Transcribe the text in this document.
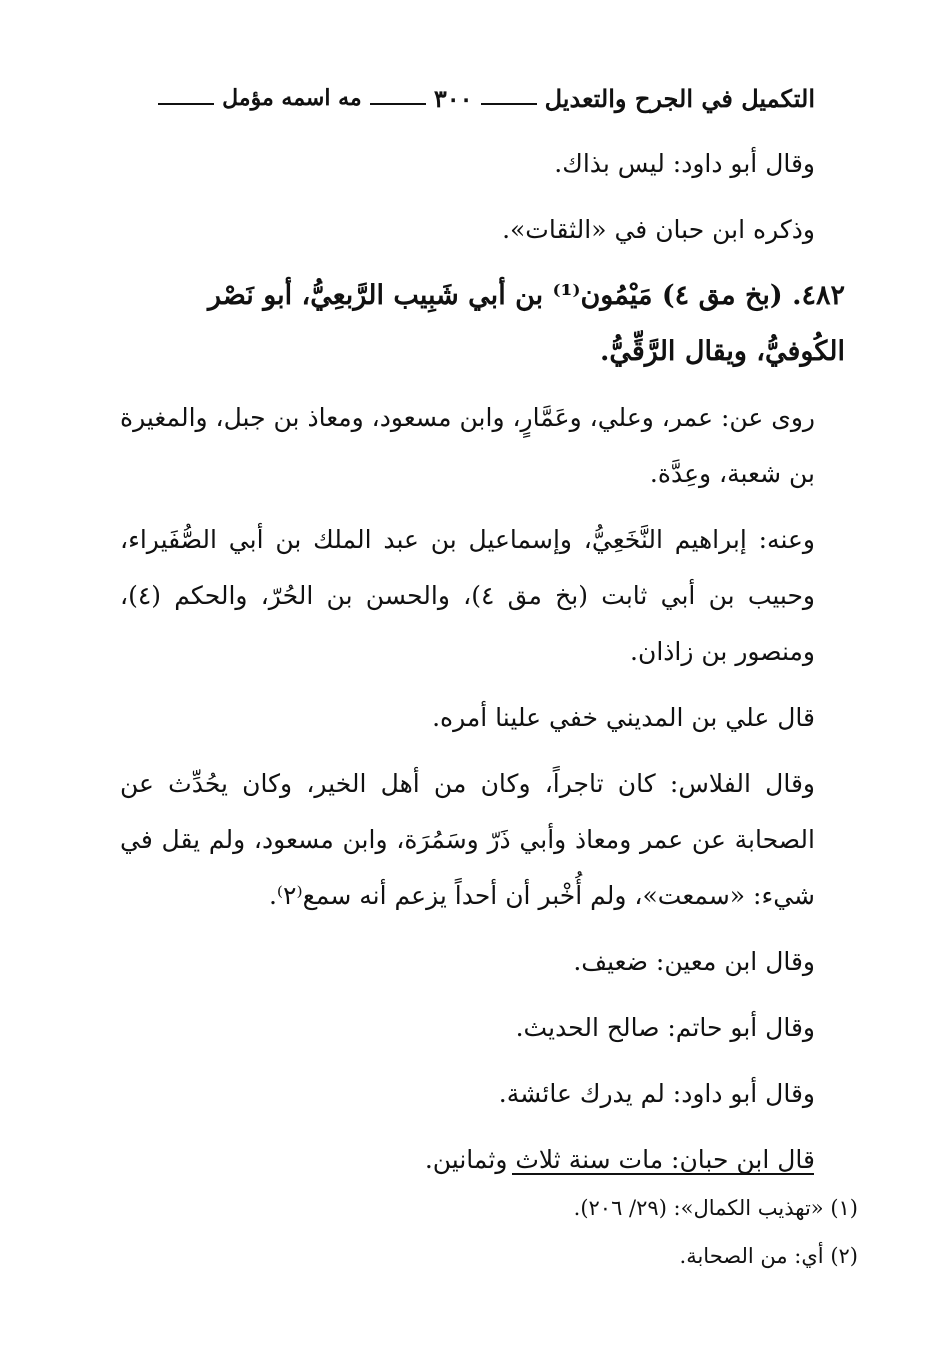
التكميل في الجرح والتعديل
٣٠٠
مه اسمه مؤمل

وقال أبو داود: ليس بذاك.

وذكره ابن حبان في «الثقات».

٤٨٢. (بخ مق ٤) مَيْمُون⁽¹⁾ بن أبي شَبِيب الرَّبعِيُّ، أبو نَصْر الكُوفيُّ، ويقال الرَّقِّيُّ.

روى عن: عمر، وعلي، وعَمَّارٍ، وابن مسعود، ومعاذ بن جبل، والمغيرة بن شعبة، وعِدَّة.

وعنه: إبراهيم النَّخَعِيُّ، وإسماعيل بن عبد الملك بن أبي الصُّفَيراء، وحبيب بن أبي ثابت (بخ مق ٤)، والحسن بن الحُرّ، والحكم (٤)، ومنصور بن زاذان.

قال علي بن المديني خفي علينا أمره.

وقال الفلاس: كان تاجراً، وكان من أهل الخير، وكان يحُدِّث عن الصحابة عن عمر ومعاذ وأبي ذَرّ وسَمُرَة، وابن مسعود، ولم يقل في شيء: «سمعت»، ولم أُخْبر أن أحداً يزعم أنه سمع⁽٢⁾.

وقال ابن معين: ضعيف.

وقال أبو حاتم: صالح الحديث.

وقال أبو داود: لم يدرك عائشة.

قال ابن حبان: مات سنة ثلاث وثمانين.

(١) «تهذيب الكمال»: (٢٩/ ٢٠٦).
(٢) أي: من الصحابة.
